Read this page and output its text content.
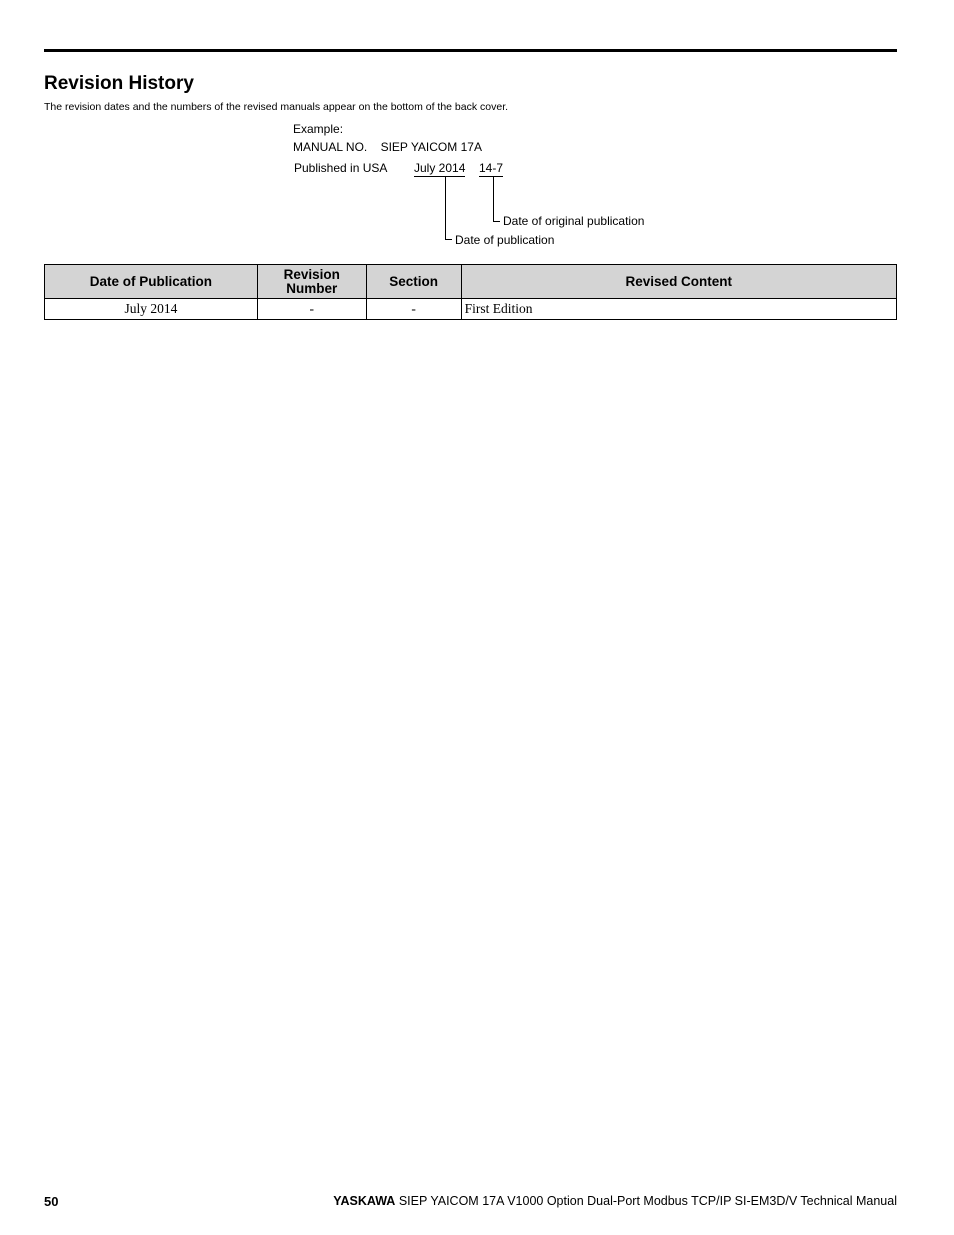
Revision History
The revision dates and the numbers of the revised manuals appear on the bottom of the back cover.
Example:
MANUAL NO.    SIEP YAICOM 17A
Published in USA July 2014 14-7
Date of original publication
Date of publication
Date of Publication	Revision Number	Section	Revised Content
July 2014	-	-	First Edition
50	YASKAWA SIEP YAICOM 17A V1000 Option Dual-Port Modbus TCP/IP SI-EM3D/V Technical Manual
